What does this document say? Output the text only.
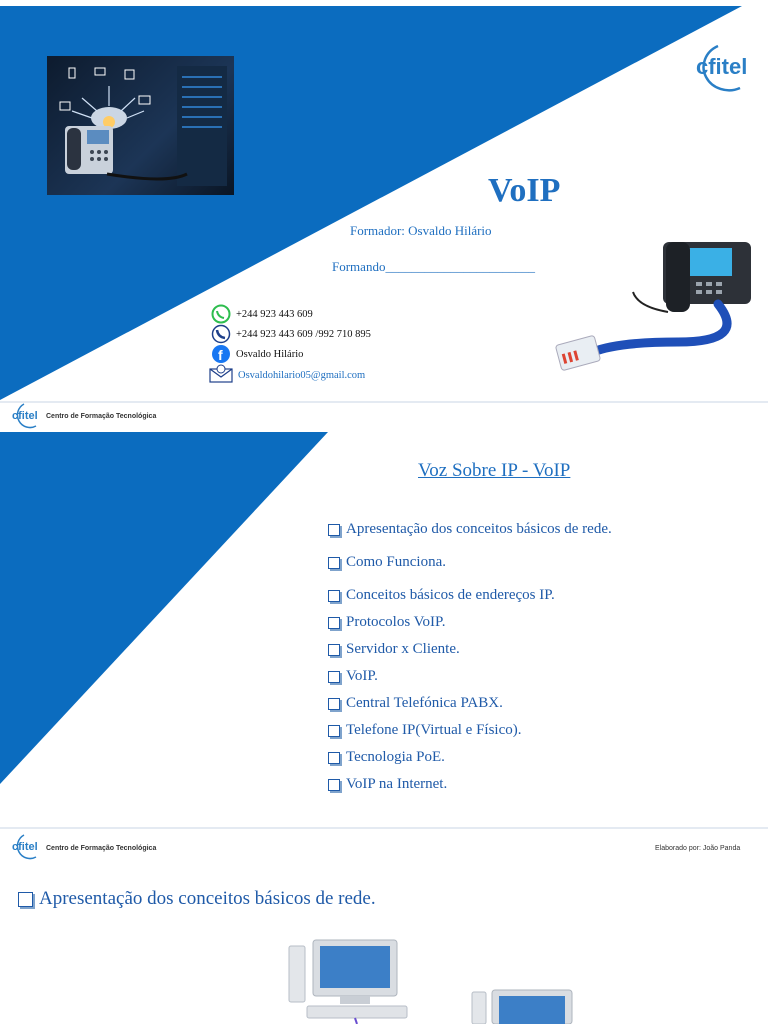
cfitel
VoIP
Formador: Osvaldo Hilário
Formando_______________________
+244 923 443 609
+244 923 443 609 /992 710 895
f Osvaldo Hilário
Osvaldohilario05@gmail.com
cfitel Centro de Formação Tecnológica
Voz Sobre IP - VoIP
Apresentação dos conceitos básicos de rede.
Como Funciona.
Conceitos básicos de endereços IP.
Protocolos VoIP.
Servidor x Cliente.
VoIP.
Central Telefónica PABX.
Telefone IP(Virtual e Físico).
Tecnologia PoE.
VoIP na Internet.
cfitel Centro de Formação Tecnológica	Elaborado por: João Panda
Apresentação dos conceitos básicos de rede.
